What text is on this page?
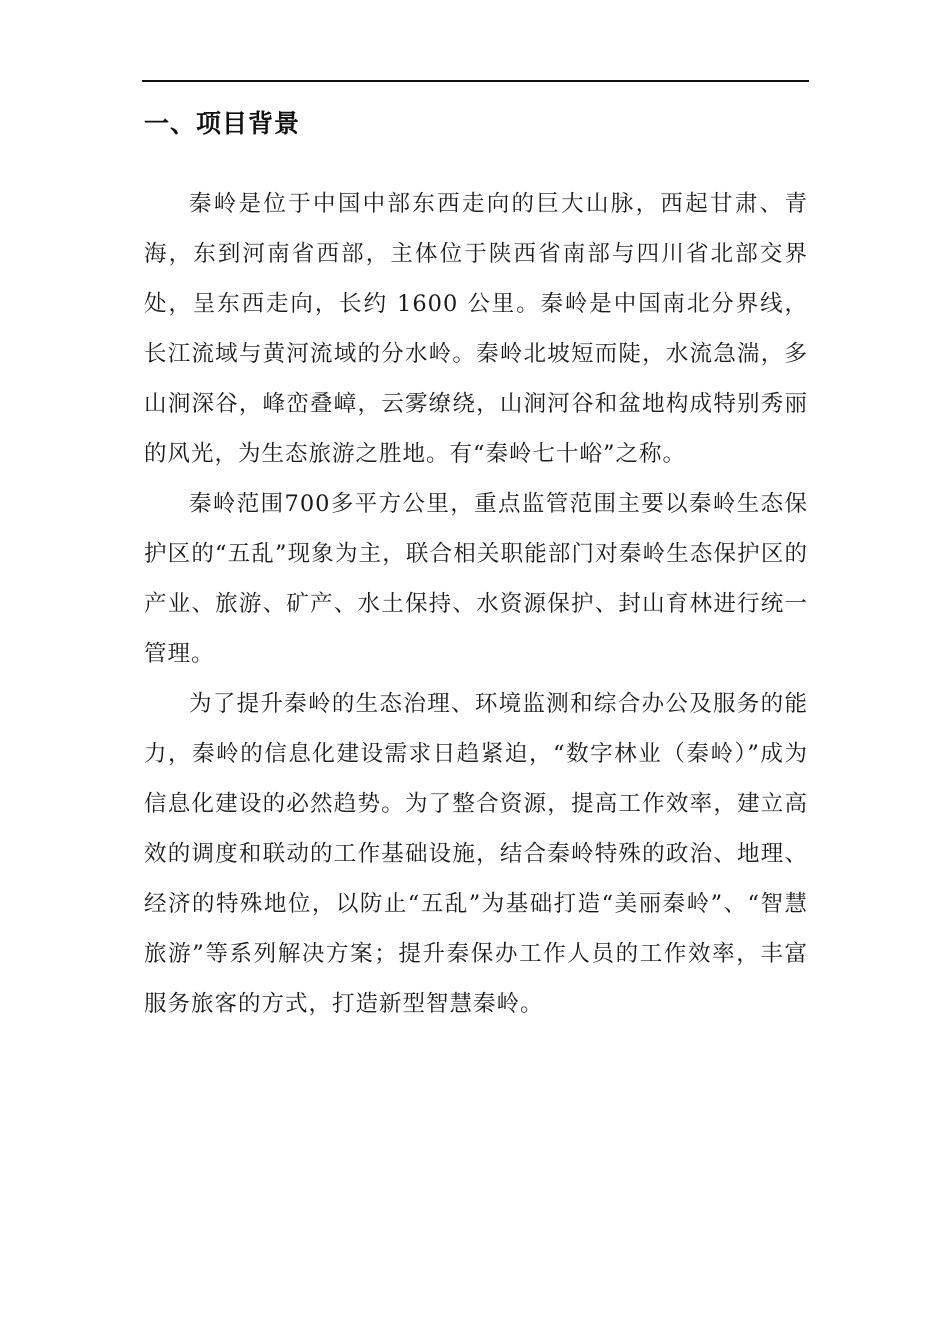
一、项目背景

秦岭是位于中国中部东西走向的巨大山脉，西起甘肃、青海，东到河南省西部，主体位于陕西省南部与四川省北部交界处，呈东西走向，长约 1600 公里。秦岭是中国南北分界线，长江流域与黄河流域的分水岭。秦岭北坡短而陡，水流急湍，多山涧深谷，峰峦叠嶂，云雾缭绕，山涧河谷和盆地构成特别秀丽的风光，为生态旅游之胜地。有“秦岭七十峪”之称。

秦岭范围700多平方公里，重点监管范围主要以秦岭生态保护区的“五乱”现象为主，联合相关职能部门对秦岭生态保护区的产业、旅游、矿产、水土保持、水资源保护、封山育林进行统一管理。

为了提升秦岭的生态治理、环境监测和综合办公及服务的能力，秦岭的信息化建设需求日趋紧迫，“数字林业（秦岭）”成为信息化建设的必然趋势。为了整合资源，提高工作效率，建立高效的调度和联动的工作基础设施，结合秦岭特殊的政治、地理、经济的特殊地位，以防止“五乱”为基础打造“美丽秦岭”、“智慧旅游”等系列解决方案；提升秦保办工作人员的工作效率，丰富服务旅客的方式，打造新型智慧秦岭。
